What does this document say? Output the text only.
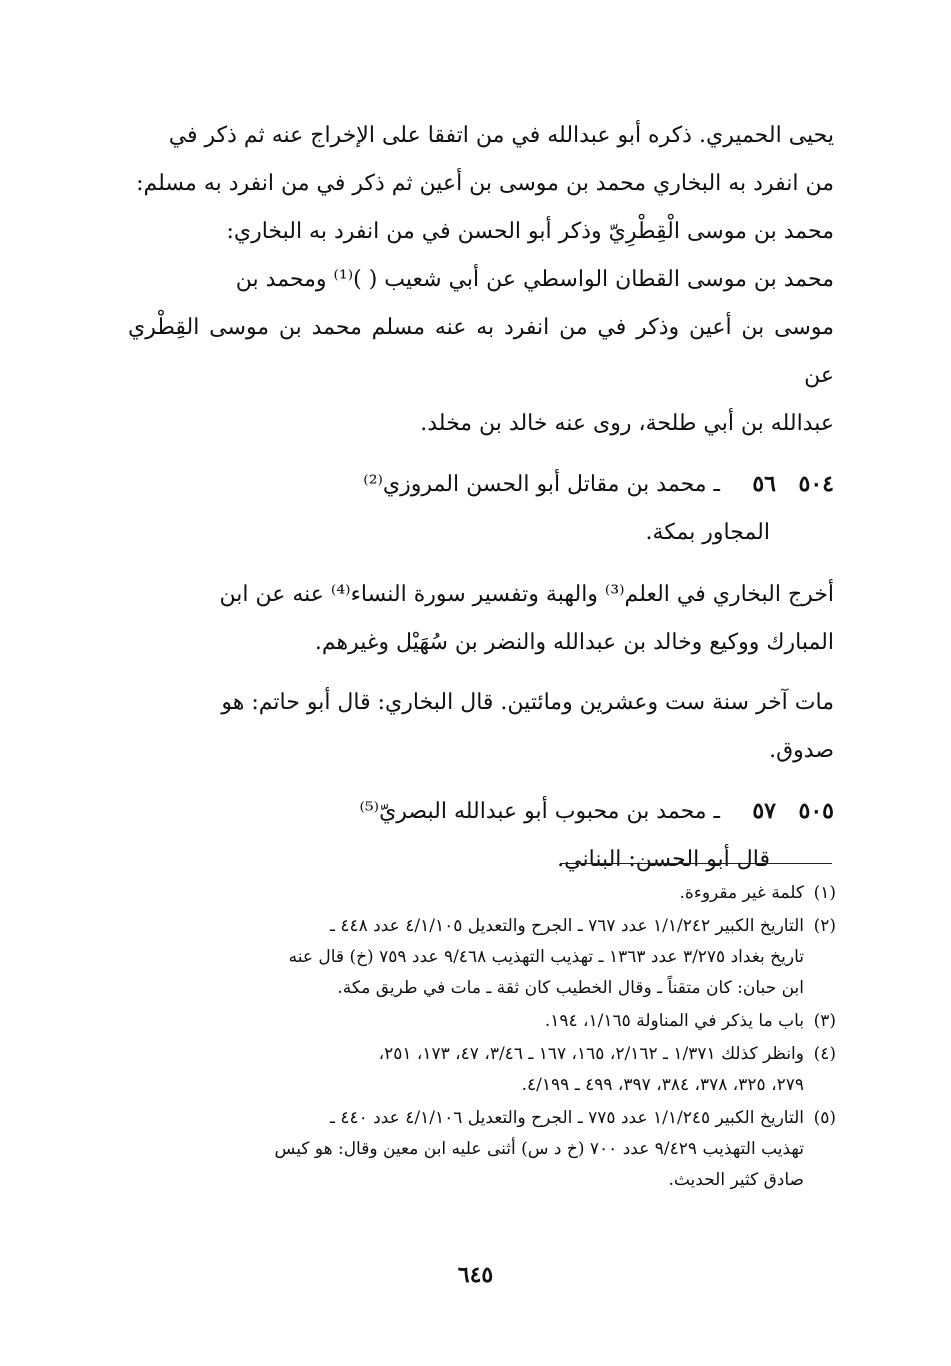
يحيى الحميري. ذكره أبو عبدالله في من اتفقا على الإخراج عنه ثم ذكر في

من انفرد به البخاري محمد بن موسى بن أعين ثم ذكر في من انفرد به مسلم:

محمد بن موسى الْقِطْرِيّ وذكر أبو الحسن في من انفرد به البخاري:

محمد بن موسى القطان الواسطي عن أبي شعيب ( )⁽¹⁾ ومحمد بن

موسى بن أعين وذكر في من انفرد به عنه مسلم محمد بن موسى القِطْري عن

عبدالله بن أبي طلحة، روى عنه خالد بن مخلد.

٥٠٤
٥٦
ـ محمد بن مقاتل أبو الحسن المروزي⁽²⁾
المجاور بمكة.

أخرج البخاري في العلم⁽³⁾ والهبة وتفسير سورة النساء⁽⁴⁾ عنه عن ابن

المبارك ووكيع وخالد بن عبدالله والنضر بن سُهَيْل وغيرهم.

مات آخر سنة ست وعشرين ومائتين. قال البخاري: قال أبو حاتم: هو

صدوق.

٥٠٥
٥٧
ـ محمد بن محبوب أبو عبدالله البصريّ⁽⁵⁾
قال أبو الحسن: البناني.
(١)

كلمة غير مقروءة.

(٢)

التاريخ الكبير ١/١/٢٤٢ عدد ٧٦٧ ـ الجرح والتعديل ٤/١/١٠٥ عدد ٤٤٨ ـ

تاريخ بغداد ٣/٢٧٥ عدد ١٣٦٣ ـ تهذيب التهذيب ٩/٤٦٨ عدد ٧٥٩ (خ) قال عنه

ابن حبان: كان متقناً ـ وقال الخطيب كان ثقة ـ مات في طريق مكة.

(٣)

باب ما يذكر في المناولة ١/١٦٥، ١٩٤.

(٤)

وانظر كذلك ١/٣٧١ ـ ٢/١٦٢، ١٦٥، ١٦٧ ـ ٣/٤٦، ٤٧، ١٧٣، ٢٥١،

٢٧٩، ٣٢٥، ٣٧٨، ٣٨٤، ٣٩٧، ٤٩٩ ـ ٤/١٩٩.

(٥)

التاريخ الكبير ١/١/٢٤٥ عدد ٧٧٥ ـ الجرح والتعديل ٤/١/١٠٦ عدد ٤٤٠ ـ

تهذيب التهذيب ٩/٤٢٩ عدد ٧٠٠ (خ د س) أثنى عليه ابن معين وقال: هو كيس

صادق كثير الحديث.

٦٤٥
